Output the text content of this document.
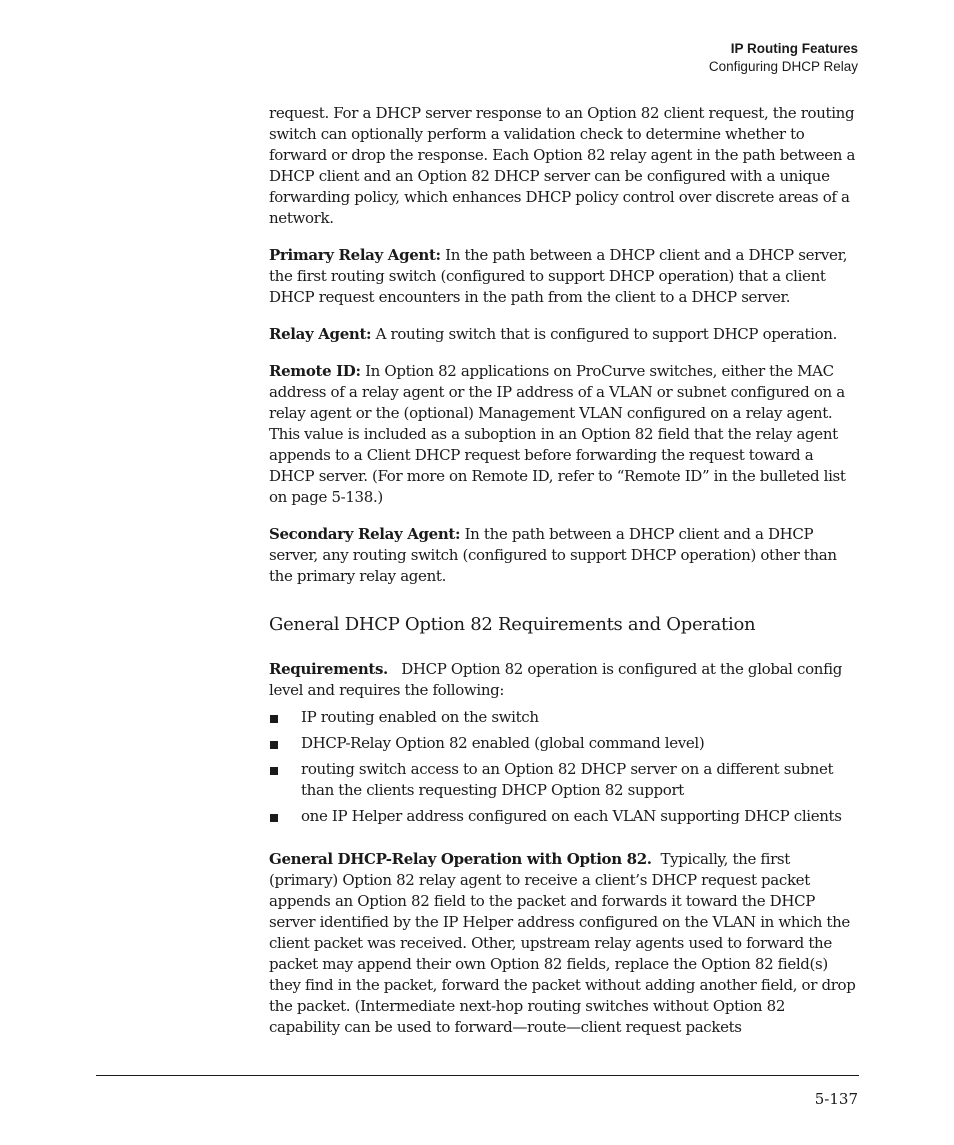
IP Routing Features
Configuring DHCP Relay

request. For a DHCP server response to an Option 82 client request, the routing switch can optionally perform a validation check to determine whether to forward or drop the response. Each Option 82 relay agent in the path between a DHCP client and an Option 82 DHCP server can be configured with a unique forwarding policy, which enhances DHCP policy control over discrete areas of a network.

Primary Relay Agent: In the path between a DHCP client and a DHCP server, the first routing switch (configured to support DHCP operation) that a client DHCP request encounters in the path from the client to a DHCP server.

Relay Agent: A routing switch that is configured to support DHCP operation.

Remote ID: In Option 82 applications on ProCurve switches, either the MAC address of a relay agent or the IP address of a VLAN or subnet configured on a relay agent or the (optional) Management VLAN configured on a relay agent. This value is included as a suboption in an Option 82 field that the relay agent appends to a Client DHCP request before forwarding the request toward a DHCP server. (For more on Remote ID, refer to “Remote ID” in the bulleted list on page 5-138.)

Secondary Relay Agent: In the path between a DHCP client and a DHCP server, any routing switch (configured to support DHCP operation) other than the primary relay agent.

General DHCP Option 82 Requirements and Operation

Requirements. DHCP Option 82 operation is configured at the global config level and requires the following:

IP routing enabled on the switch
DHCP-Relay Option 82 enabled (global command level)
routing switch access to an Option 82 DHCP server on a different subnet than the clients requesting DHCP Option 82 support
one IP Helper address configured on each VLAN supporting DHCP clients

General DHCP-Relay Operation with Option 82. Typically, the first (primary) Option 82 relay agent to receive a client’s DHCP request packet appends an Option 82 field to the packet and forwards it toward the DHCP server identified by the IP Helper address configured on the VLAN in which the client packet was received. Other, upstream relay agents used to forward the packet may append their own Option 82 fields, replace the Option 82 field(s) they find in the packet, forward the packet without adding another field, or drop the packet. (Intermediate next-hop routing switches without Option 82 capability can be used to forward—route—client request packets

5-137
